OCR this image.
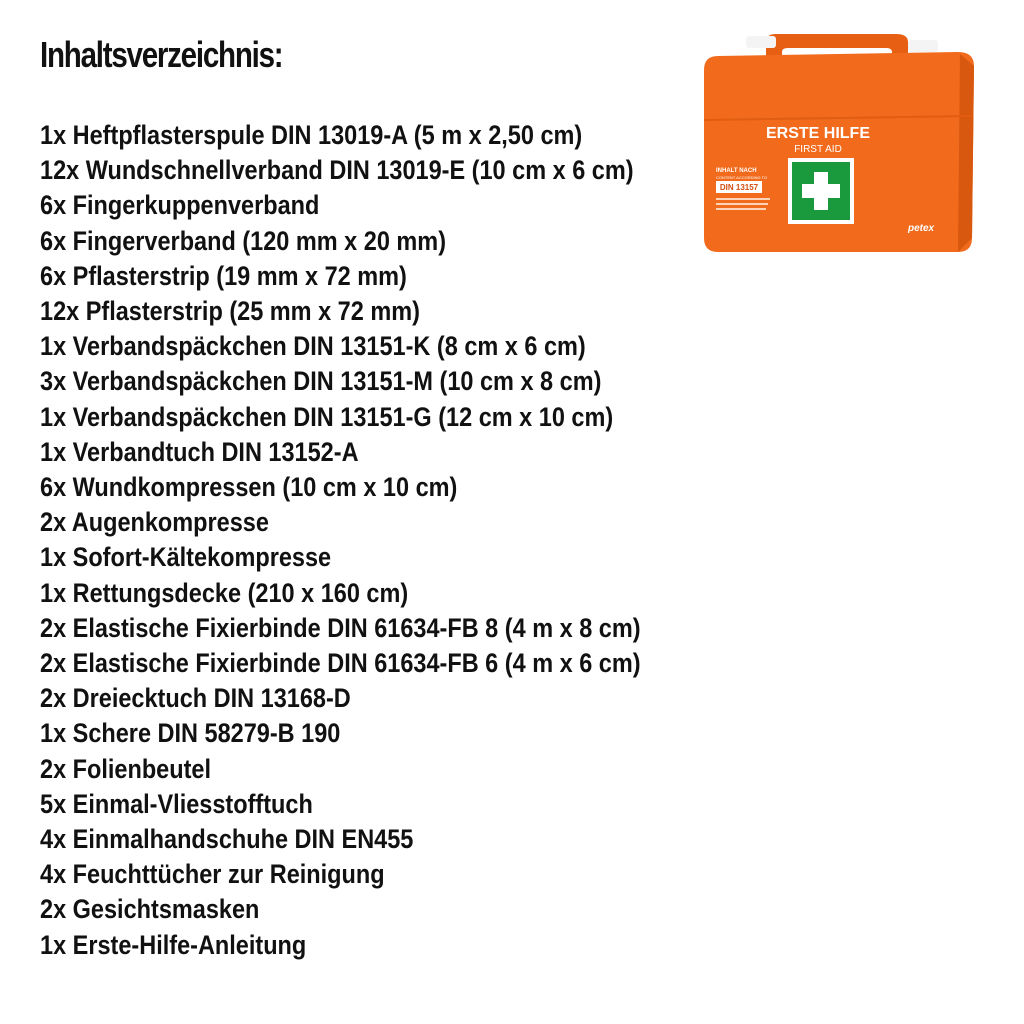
Inhaltsverzeichnis:
ERSTE HILFE
FIRST AID
INHALT NACH
CONTENT ACCORDING TO
DIN 13157
petex
1x Heftpflasterspule DIN 13019-A (5 m x 2,50 cm)
12x Wundschnellverband DIN 13019-E (10 cm x 6 cm)
6x Fingerkuppenverband
6x Fingerverband (120 mm x 20 mm)
6x Pflasterstrip (19 mm x 72 mm)
12x Pflasterstrip (25 mm x 72 mm)
1x Verbandspäckchen DIN 13151-K (8 cm x 6 cm)
3x Verbandspäckchen DIN 13151-M (10 cm x 8 cm)
1x Verbandspäckchen DIN 13151-G (12 cm x 10 cm)
1x Verbandtuch DIN 13152-A
6x Wundkompressen (10 cm x 10 cm)
2x Augenkompresse
1x Sofort-Kältekompresse
1x Rettungsdecke (210 x 160 cm)
2x Elastische Fixierbinde DIN 61634-FB 8 (4 m x 8 cm)
2x Elastische Fixierbinde DIN 61634-FB 6 (4 m x 6 cm)
2x Dreiecktuch DIN 13168-D
1x Schere DIN 58279-B 190
2x Folienbeutel
5x Einmal-Vliesstofftuch
4x Einmalhandschuhe DIN EN455
4x Feuchttücher zur Reinigung
2x Gesichtsmasken
1x Erste-Hilfe-Anleitung
